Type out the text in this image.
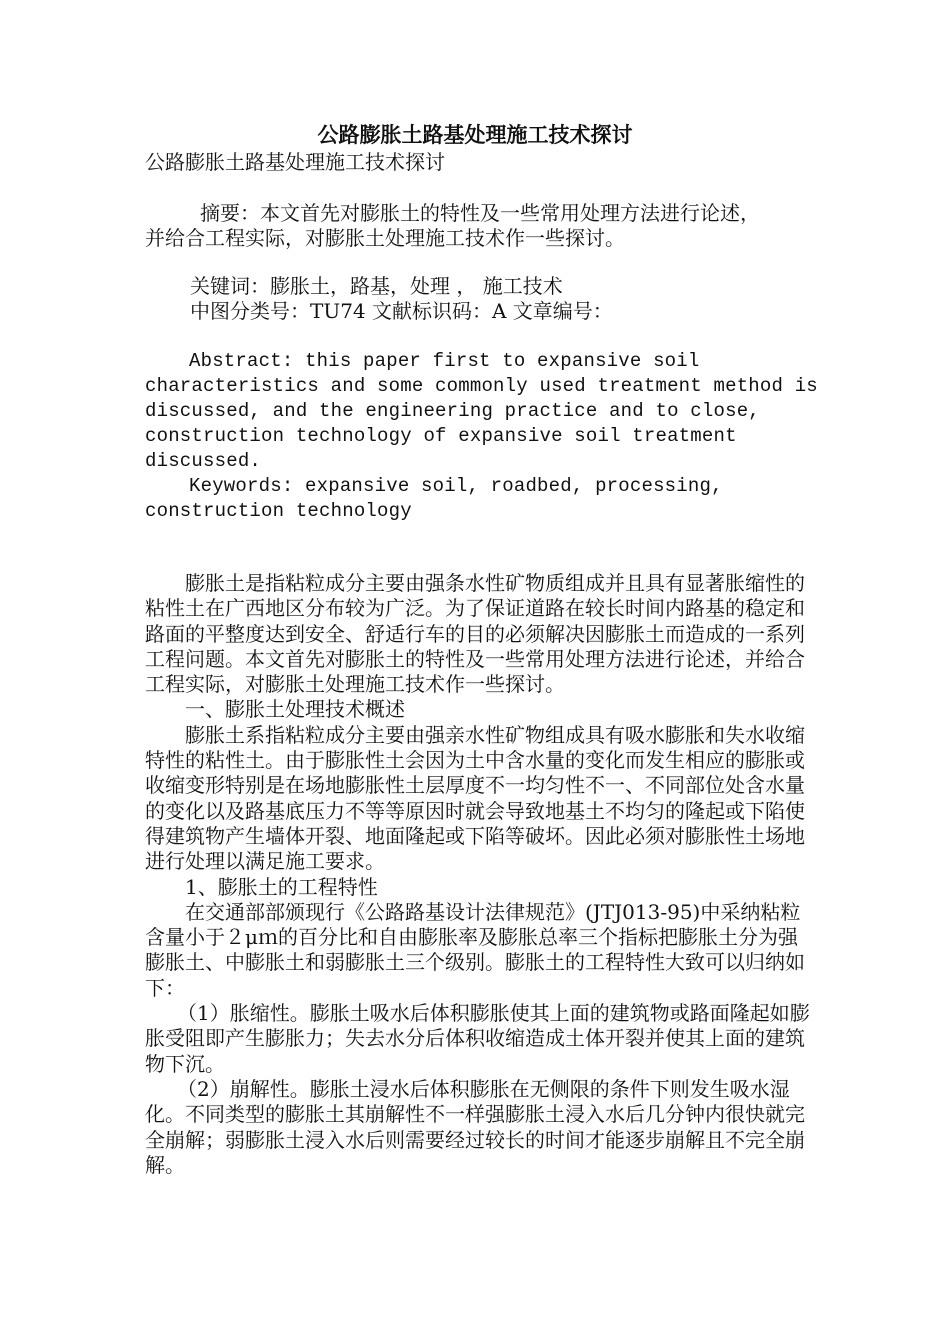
公路膨胀土路基处理施工技术探讨
公路膨胀土路基处理施工技术探讨
摘要：本文首先对膨胀土的特性及一些常用处理方法进行论述，
并给合工程实际，对膨胀土处理施工技术作一些探讨。
关键词：膨胀土，路基，处理 ， 施工技术
中图分类号：TU74 文献标识码：A 文章编号：
Abstract: this paper first to expansive soil
characteristics and some commonly used treatment method is
discussed, and the engineering practice and to close,
construction technology of expansive soil treatment
discussed.
Keywords: expansive soil, roadbed, processing,
construction technology

膨胀土是指粘粒成分主要由强条水性矿物质组成并且具有显著胀缩性的粘性土在广西地区分布较为广泛。为了保证道路在较长时间内路基的稳定和路面的平整度达到安全、舒适行车的目的必须解决因膨胀土而造成的一系列工程问题。本文首先对膨胀土的特性及一些常用处理方法进行论述，并给合工程实际，对膨胀土处理施工技术作一些探讨。

一、膨胀土处理技术概述

膨胀土系指粘粒成分主要由强亲水性矿物组成具有吸水膨胀和失水收缩特性的粘性土。由于膨胀性土会因为土中含水量的变化而发生相应的膨胀或收缩变形特别是在场地膨胀性土层厚度不一均匀性不一、不同部位处含水量的变化以及路基底压力不等等原因时就会导致地基土不均匀的隆起或下陷使得建筑物产生墙体开裂、地面隆起或下陷等破坏。因此必须对膨胀性土场地进行处理以满足施工要求。

1、膨胀土的工程特性

在交通部部颁现行《公路路基设计法律规范》(JTJ013-95)中采纳粘粒含量小于２μｍ的百分比和自由膨胀率及膨胀总率三个指标把膨胀土分为强膨胀土、中膨胀土和弱膨胀土三个级别。膨胀土的工程特性大致可以归纳如下：

（1）胀缩性。膨胀土吸水后体积膨胀使其上面的建筑物或路面隆起如膨胀受阻即产生膨胀力；失去水分后体积收缩造成土体开裂并使其上面的建筑物下沉。

（2）崩解性。膨胀土浸水后体积膨胀在无侧限的条件下则发生吸水湿化。不同类型的膨胀土其崩解性不一样强膨胀土浸入水后几分钟内很快就完全崩解；弱膨胀土浸入水后则需要经过较长的时间才能逐步崩解且不完全崩解。
